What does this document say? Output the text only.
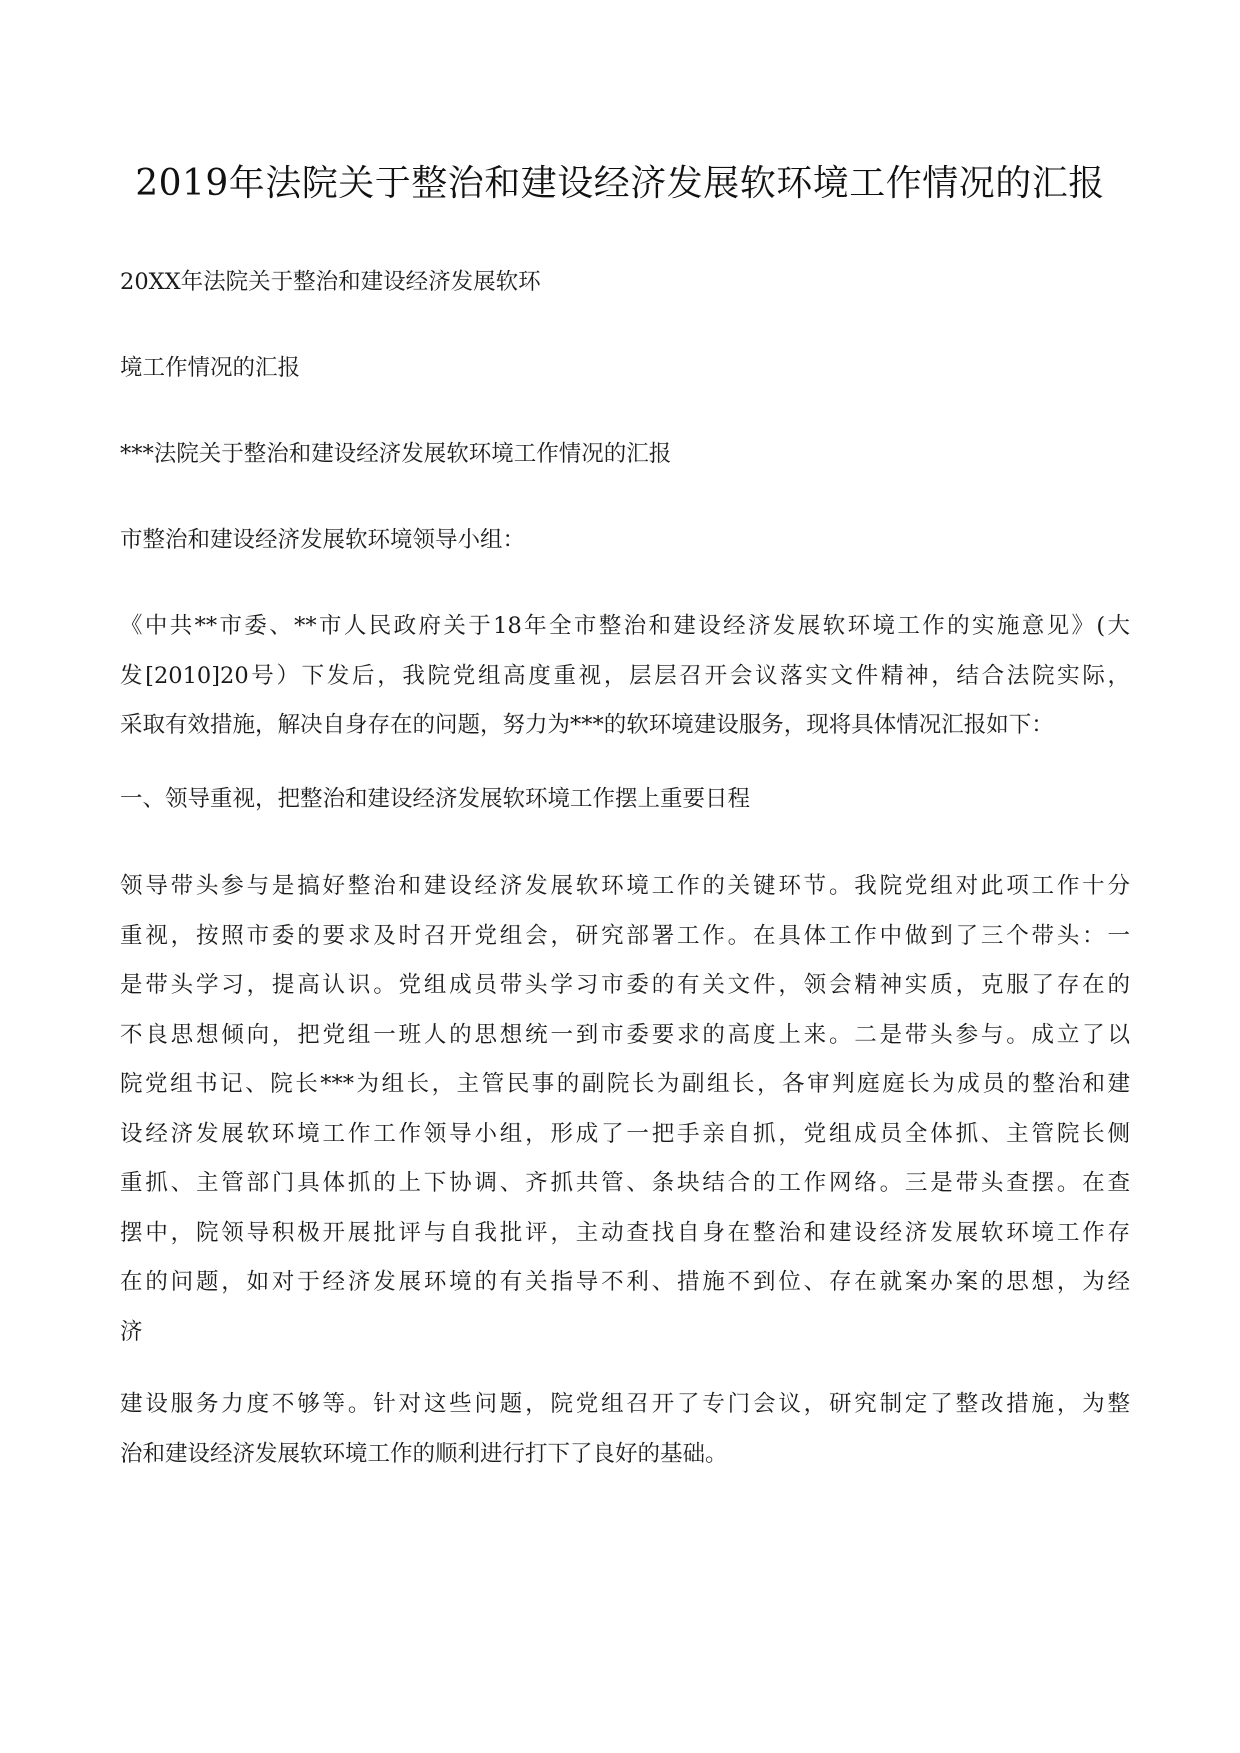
2019年法院关于整治和建设经济发展软环境工作情况的汇报

20XX年法院关于整治和建设经济发展软环

境工作情况的汇报

***法院关于整治和建设经济发展软环境工作情况的汇报

市整治和建设经济发展软环境领导小组：

《中共**市委、**市人民政府关于18年全市整治和建设经济发展软环境工作的实施意见》(大
发[2010]20号）下发后，我院党组高度重视，层层召开会议落实文件精神，结合法院实际，
采取有效措施，解决自身存在的问题，努力为***的软环境建设服务，现将具体情况汇报如下：

一、领导重视，把整治和建设经济发展软环境工作摆上重要日程

领导带头参与是搞好整治和建设经济发展软环境工作的关键环节。我院党组对此项工作十分
重视，按照市委的要求及时召开党组会，研究部署工作。在具体工作中做到了三个带头：一
是带头学习，提高认识。党组成员带头学习市委的有关文件，领会精神实质，克服了存在的
不良思想倾向，把党组一班人的思想统一到市委要求的高度上来。二是带头参与。成立了以
院党组书记、院长***为组长，主管民事的副院长为副组长，各审判庭庭长为成员的整治和建
设经济发展软环境工作工作领导小组，形成了一把手亲自抓，党组成员全体抓、主管院长侧
重抓、主管部门具体抓的上下协调、齐抓共管、条块结合的工作网络。三是带头查摆。在查
摆中，院领导积极开展批评与自我批评，主动查找自身在整治和建设经济发展软环境工作存
在的问题，如对于经济发展环境的有关指导不利、措施不到位、存在就案办案的思想，为经
济

建设服务力度不够等。针对这些问题，院党组召开了专门会议，研究制定了整改措施，为整
治和建设经济发展软环境工作的顺利进行打下了良好的基础。
